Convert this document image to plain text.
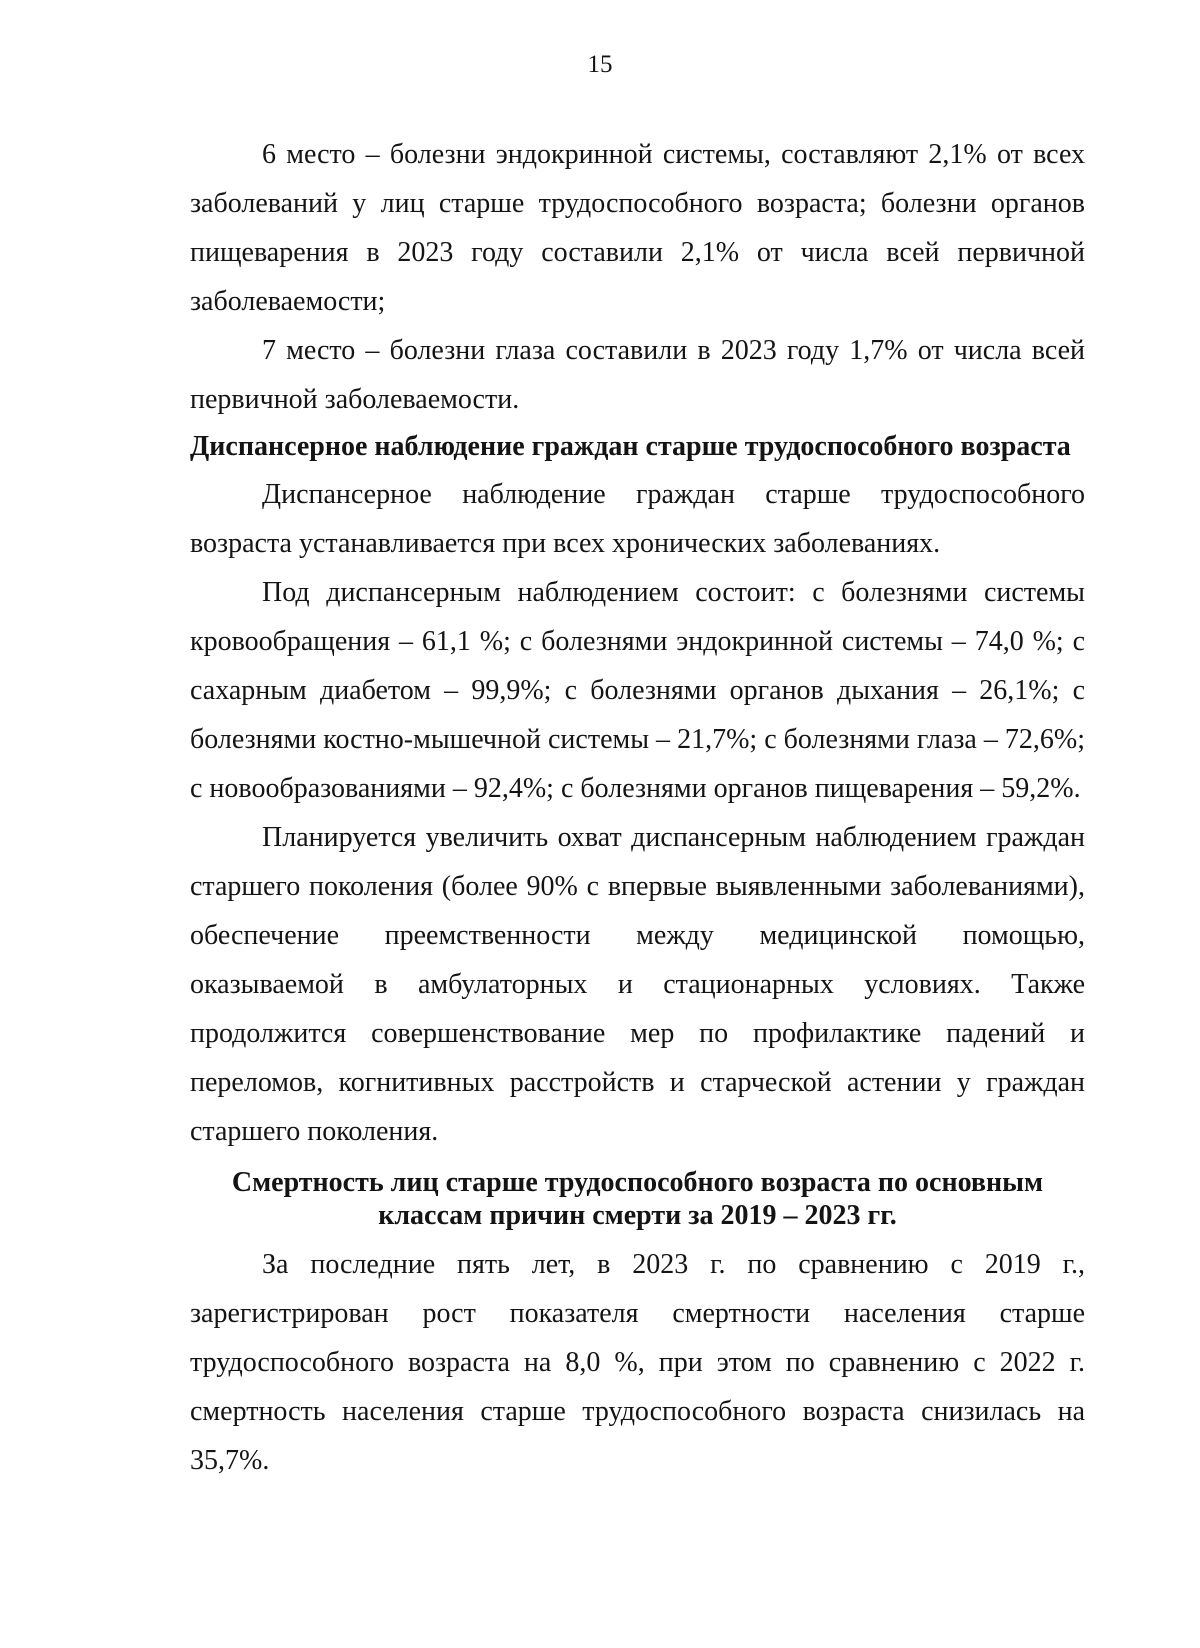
15

6 место – болезни эндокринной системы, составляют 2,1% от всех заболеваний у лиц старше трудоспособного возраста; болезни органов пищеварения в 2023 году составили 2,1% от числа всей первичной заболеваемости;

7 место – болезни глаза составили в 2023 году 1,7% от числа всей первичной заболеваемости.

Диспансерное наблюдение граждан старше трудоспособного возраста

Диспансерное наблюдение граждан старше трудоспособного возраста устанавливается при всех хронических заболеваниях.

Под диспансерным наблюдением состоит: с болезнями системы кровообращения – 61,1 %; с болезнями эндокринной системы – 74,0 %; с сахарным диабетом – 99,9%; с болезнями органов дыхания – 26,1%; с болезнями костно-мышечной системы – 21,7%; с болезнями глаза – 72,6%; с новообразованиями – 92,4%; с болезнями органов пищеварения – 59,2%.

Планируется увеличить охват диспансерным наблюдением граждан старшего поколения (более 90% с впервые выявленными заболеваниями), обеспечение преемственности между медицинской помощью, оказываемой в амбулаторных и стационарных условиях. Также продолжится совершенствование мер по профилактике падений и переломов, когнитивных расстройств и старческой астении у граждан старшего поколения.

Смертность лиц старше трудоспособного возраста по основным
классам причин смерти за 2019 – 2023 гг.

За последние пять лет, в 2023 г. по сравнению с 2019 г., зарегистрирован рост показателя смертности населения старше трудоспособного возраста на 8,0 %, при этом по сравнению с 2022 г. смертность населения старше трудоспособного возраста снизилась на 35,7%.
